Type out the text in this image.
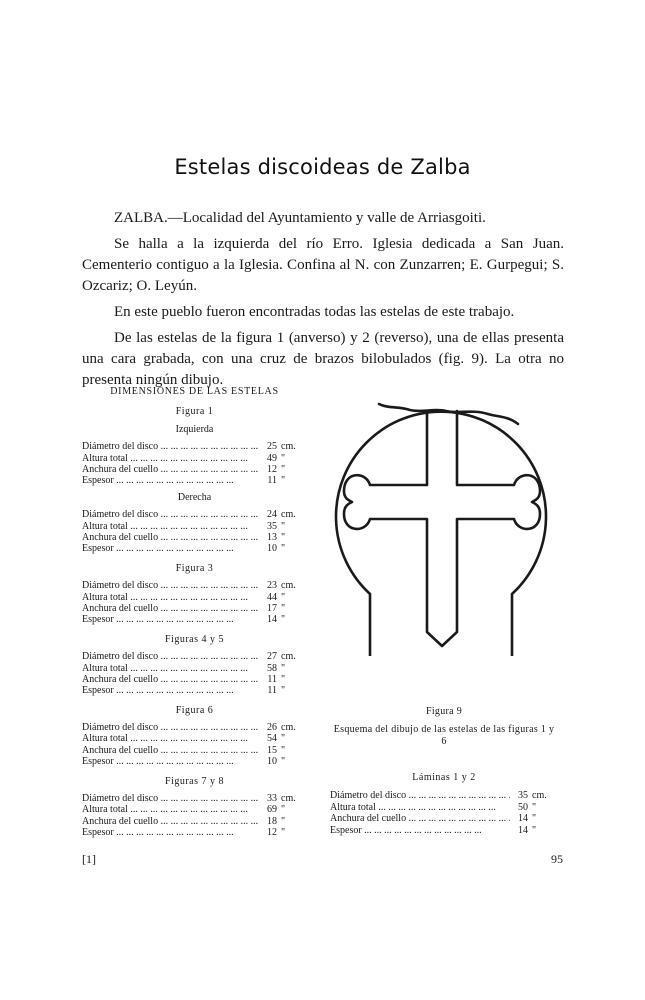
Estelas discoideas de Zalba

ZALBA.—Localidad del Ayuntamiento y valle de Arriasgoiti.

Se halla a la izquierda del río Erro. Iglesia dedicada a San Juan. Cementerio contiguo a la Iglesia. Confina al N. con Zunzarren; E. Gurpegui; S. Ozcariz; O. Leyún.

En este pueblo fueron encontradas todas las estelas de este trabajo.

De las estelas de la figura 1 (anverso) y 2 (reverso), una de ellas presenta una cara grabada, con una cruz de brazos bilobulados (fig. 9). La otra no presenta ningún dibujo.

DIMENSIONES DE LAS ESTELAS
Figura 1
Izquierda
Diámetro del disco ... .	25 cm.
Altura total ... .	49 "
Anchura del cuello ... .	12 "
Espesor ... .	11 "
Derecha
Diámetro del disco ... .	24 cm.
Altura total ... .	35 "
Anchura del cuello ... .	13 "
Espesor ... .	10 "
Figura 3
Diámetro del disco ... .	23 cm.
Altura total ... .	44 "
Anchura del cuello ... .	17 "
Espesor ... .	14 "
Figuras 4 y 5
Diámetro del disco ... .	27 cm.
Altura total ... .	58 "
Anchura del cuello ... .	11 "
Espesor ... .	11 "
Figura 6
Diámetro del disco ... .	26 cm.
Altura total ... .	54 "
Anchura del cuello ... .	15 "
Espesor ... .	10 "
Figuras 7 y 8
Diámetro del disco ... .	33 cm.
Altura total ... .	69 "
Anchura del cuello ... .	18 "
Espesor ... .	12 "
Figura 9
Esquema del dibujo de las estelas de las figuras 1 y 6
Láminas 1 y 2
Diámetro del disco ... .	35 cm.
Altura total ... .	50 "
Anchura del cuello ... .	14 "
Espesor ... .	14 "
[1]	95
